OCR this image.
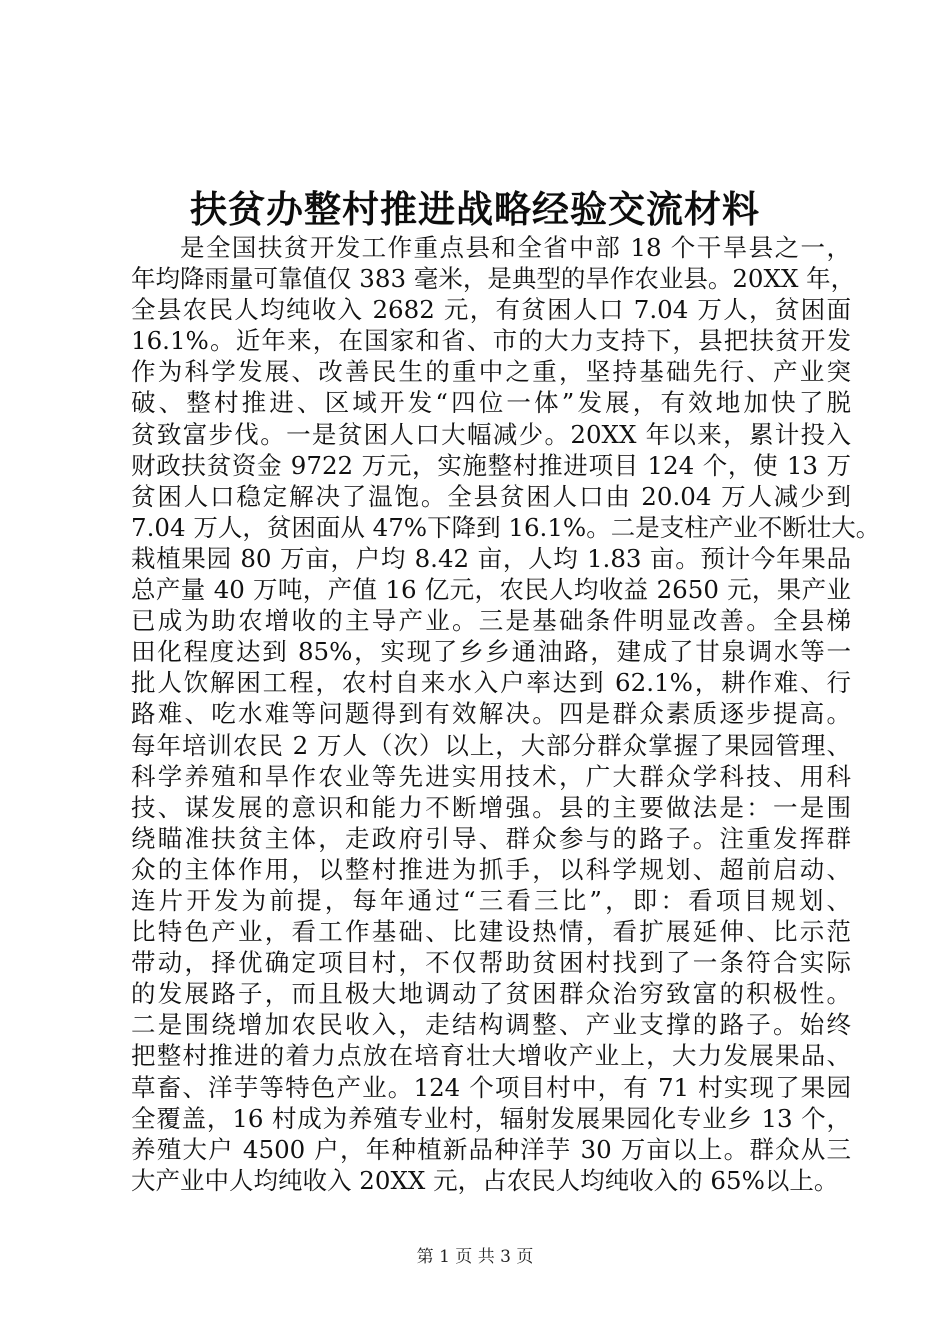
扶贫办整村推进战略经验交流材料
是全国扶贫开发工作重点县和全省中部 18 个干旱县之一，
年均降雨量可靠值仅 383 毫米，是典型的旱作农业县。20XX 年，
全县农民人均纯收入 2682 元，有贫困人口 7.04 万人，贫困面
16.1%。近年来，在国家和省、市的大力支持下，县把扶贫开发
作为科学发展、改善民生的重中之重，坚持基础先行、产业突
破、整村推进、区域开发“四位一体”发展，有效地加快了脱
贫致富步伐。一是贫困人口大幅减少。20XX 年以来，累计投入
财政扶贫资金 9722 万元，实施整村推进项目 124 个，使 13 万
贫困人口稳定解决了温饱。全县贫困人口由 20.04 万人减少到
7.04 万人，贫困面从 47%下降到 16.1%。二是支柱产业不断壮大。
栽植果园 80 万亩，户均 8.42 亩，人均 1.83 亩。预计今年果品
总产量 40 万吨，产值 16 亿元，农民人均收益 2650 元，果产业
已成为助农增收的主导产业。三是基础条件明显改善。全县梯
田化程度达到 85%，实现了乡乡通油路，建成了甘泉调水等一
批人饮解困工程，农村自来水入户率达到 62.1%，耕作难、行
路难、吃水难等问题得到有效解决。四是群众素质逐步提高。
每年培训农民 2 万人（次）以上，大部分群众掌握了果园管理、
科学养殖和旱作农业等先进实用技术，广大群众学科技、用科
技、谋发展的意识和能力不断增强。县的主要做法是：一是围
绕瞄准扶贫主体，走政府引导、群众参与的路子。注重发挥群
众的主体作用，以整村推进为抓手，以科学规划、超前启动、
连片开发为前提，每年通过“三看三比”，即：看项目规划、
比特色产业，看工作基础、比建设热情，看扩展延伸、比示范
带动，择优确定项目村，不仅帮助贫困村找到了一条符合实际
的发展路子，而且极大地调动了贫困群众治穷致富的积极性。
二是围绕增加农民收入，走结构调整、产业支撑的路子。始终
把整村推进的着力点放在培育壮大增收产业上，大力发展果品、
草畜、洋芋等特色产业。124 个项目村中，有 71 村实现了果园
全覆盖，16 村成为养殖专业村，辐射发展果园化专业乡 13 个，
养殖大户 4500 户，年种植新品种洋芋 30 万亩以上。群众从三
大产业中人均纯收入 20XX 元，占农民人均纯收入的 65%以上。
第 1 页 共 3 页
